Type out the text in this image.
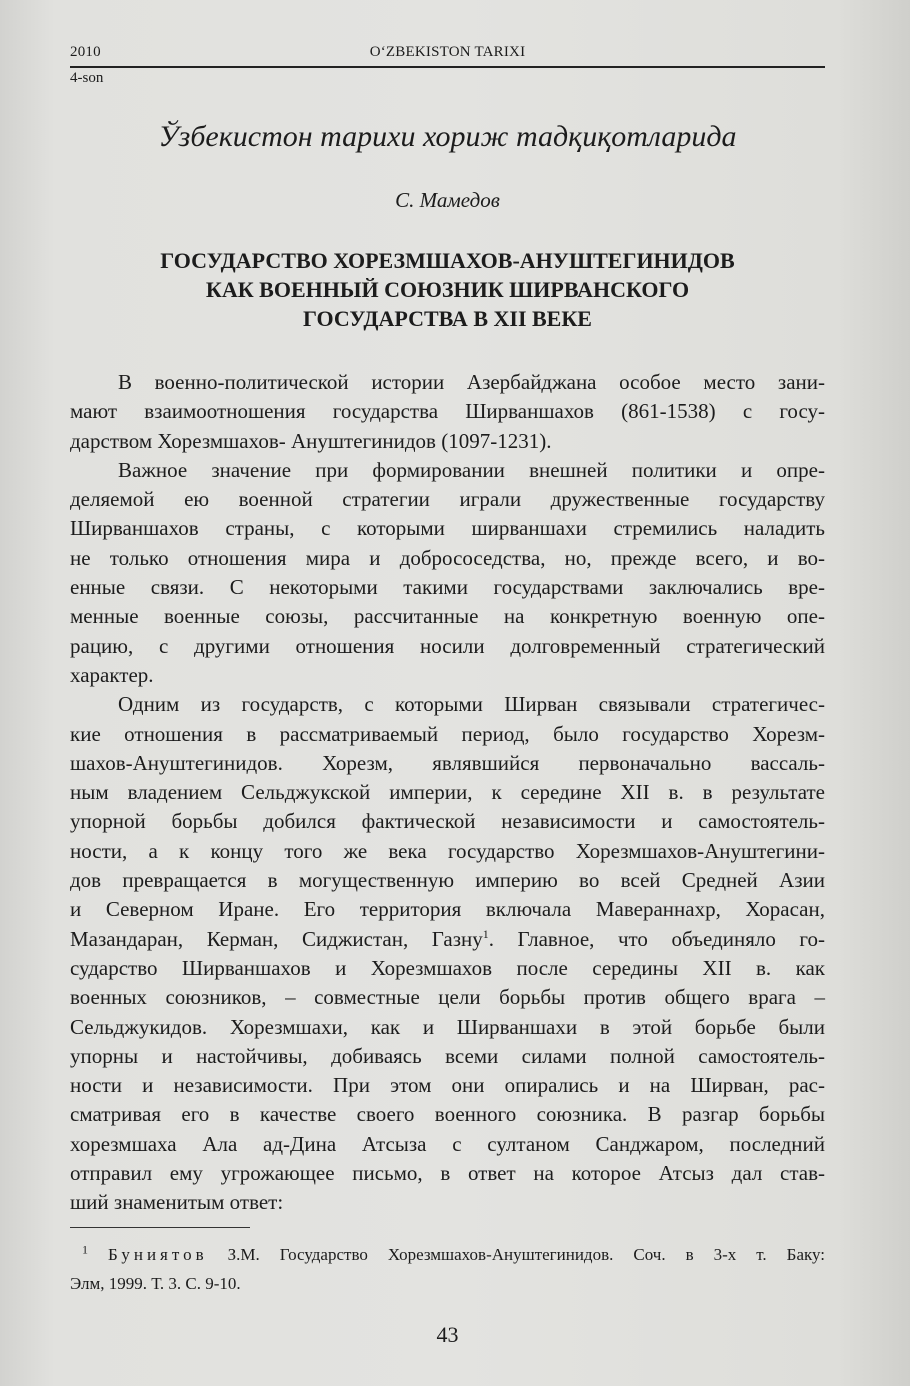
2010	O‘ZBEKISTON TARIXI
4-son
Ўзбекистон тарихи хориж тадқиқотларида
С. Мамедов
ГОСУДАРСТВО ХОРЕЗМШАХОВ-АНУШТЕГИНИДОВ
КАК ВОЕННЫЙ СОЮЗНИК ШИРВАНСКОГО
ГОСУДАРСТВА В XII ВЕКЕ
В военно-политической истории Азербайджана особое место зани-
мают взаимоотношения государства Ширваншахов (861-1538) с госу-
дарством Хорезмшахов- Ануштегинидов (1097-1231).
Важное значение при формировании внешней политики и опре-
деляемой ею военной стратегии играли дружественные государству
Ширваншахов страны, с которыми ширваншахи стремились наладить
не только отношения мира и добрососедства, но, прежде всего, и во-
енные связи. С некоторыми такими государствами заключались вре-
менные военные союзы, рассчитанные на конкретную военную опе-
рацию, с другими отношения носили долговременный стратегический
характер.
Одним из государств, с которыми Ширван связывали стратегичес-
кие отношения в рассматриваемый период, было государство Хорезм-
шахов-Ануштегинидов. Хорезм, являвшийся первоначально вассаль-
ным владением Сельджукской империи, к середине XII в. в результате
упорной борьбы добился фактической независимости и самостоятель-
ности, а к концу того же века государство Хорезмшахов-Ануштегини-
дов превращается в могущественную империю во всей Средней Азии
и Северном Иране. Его территория включала Мавераннахр, Хорасан,
Мазандаран, Керман, Сиджистан, Газну$^1$. Главное, что объединяло го-
сударство Ширваншахов и Хорезмшахов после середины XII в. как
военных союзников, – совместные цели борьбы против общего врага –
Сельджукидов. Хорезмшахи, как и Ширваншахи в этой борьбе были
упорны и настойчивы, добиваясь всеми силами полной самостоятель-
ности и независимости. При этом они опирались и на Ширван, рас-
сматривая его в качестве своего военного союзника. В разгар борьбы
хорезмшаха Ала ад-Дина Атсыза с султаном Санджаром, последний
отправил ему угрожающее письмо, в ответ на которое Атсыз дал став-
ший знаменитым ответ:
$^1$ Буниятов З.М. Государство Хорезмшахов-Ануштегинидов. Соч. в 3-х т. Баку:
Элм, 1999. Т. 3. С. 9-10.
43
